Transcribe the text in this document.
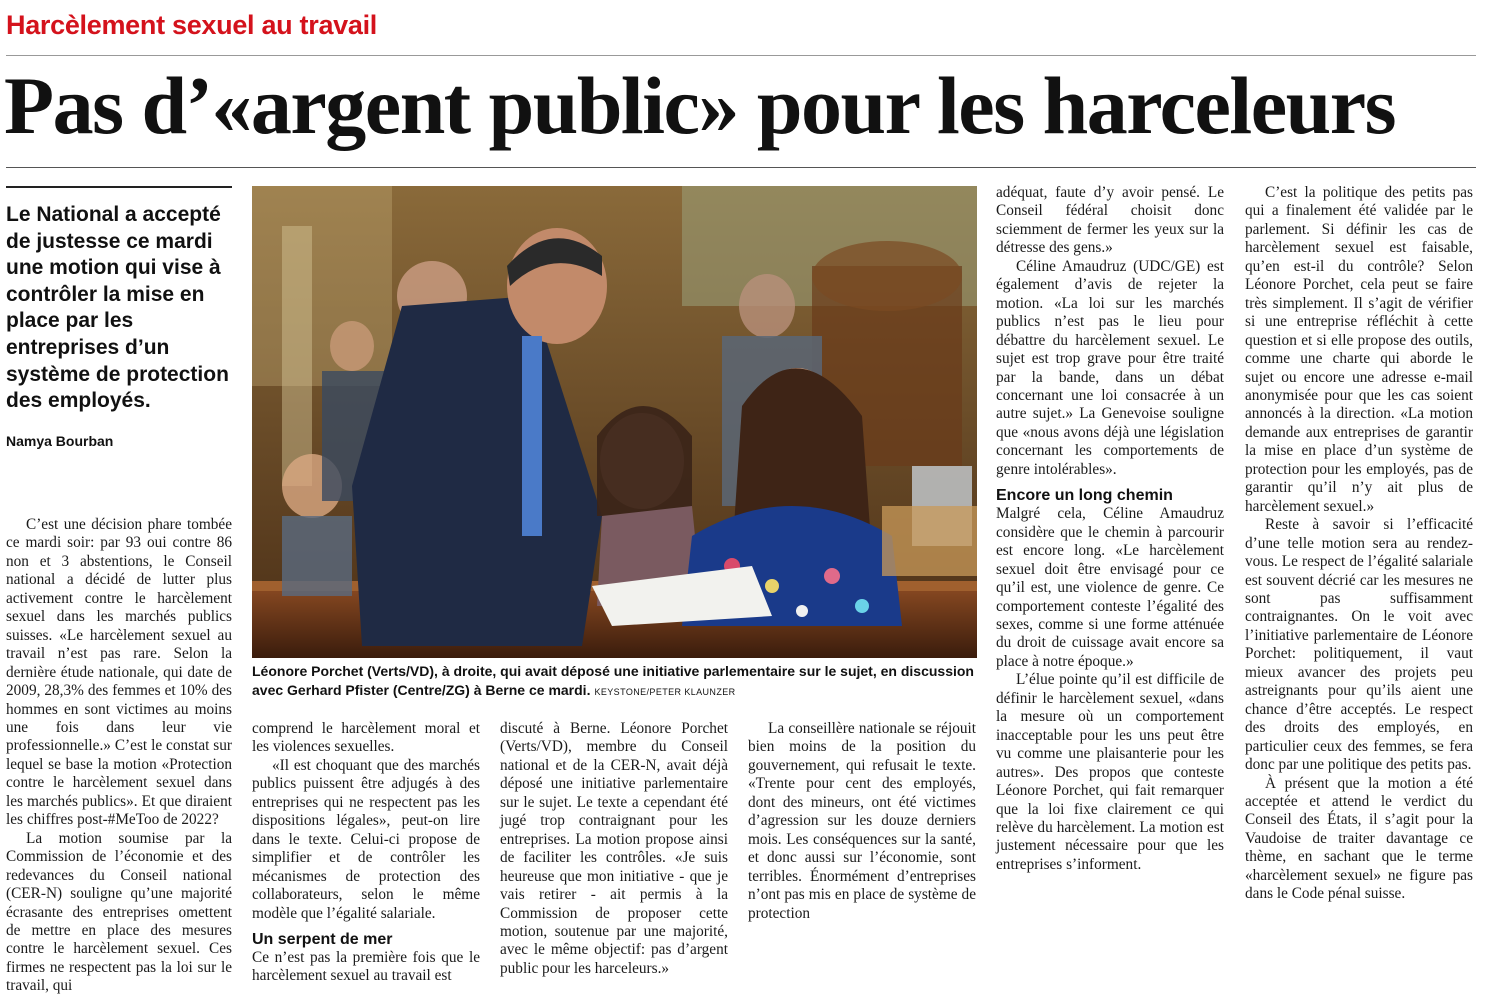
Harcèlement sexuel au travail
Pas d’«argent public» pour les harceleurs

Le National a accepté de justesse ce mardi une motion qui vise à contrôler la mise en place par les entreprises d’un système de protection des employés.

Namya Bourban

C’est une décision phare tombée ce mardi soir: par 93 oui contre 86 non et 3 abstentions, le Conseil national a décidé de lutter plus activement contre le harcèlement sexuel dans les marchés publics suisses. «Le harcèlement sexuel au travail n’est pas rare. Selon la dernière étude nationale, qui date de 2009, 28,3% des femmes et 10% des hommes en sont victimes au moins une fois dans leur vie professionnelle.» C’est le constat sur lequel se base la motion «Protection contre le harcèlement sexuel dans les marchés publics». Et que diraient les chiffres post-#MeToo de 2022?

La motion soumise par la Commission de l’économie et des redevances du Conseil national (CER-N) souligne qu’une majorité écrasante des entreprises omettent de mettre en place des mesures contre le harcèlement sexuel. Ces firmes ne respectent pas la loi sur le travail, qui

Léonore Porchet (Verts/VD), à droite, qui avait déposé une initiative parlementaire sur le sujet, en discussion avec Gerhard Pfister (Centre/ZG) à Berne ce mardi. KEYSTONE/PETER KLAUNZER

comprend le harcèlement moral et les violences sexuelles.

«Il est choquant que des marchés publics puissent être adjugés à des entreprises qui ne respectent pas les dispositions légales», peut-on lire dans le texte. Celui-ci propose de simplifier et de contrôler les mécanismes de protection des collaborateurs, selon le même modèle que l’égalité salariale.

Un serpent de mer

Ce n’est pas la première fois que le harcèlement sexuel au travail est

discuté à Berne. Léonore Porchet (Verts/VD), membre du Conseil national et de la CER-N, avait déjà déposé une initiative parlementaire sur le sujet. Le texte a cependant été jugé trop contraignant pour les entreprises. La motion propose ainsi de faciliter les contrôles. «Je suis heureuse que mon initiative - que je vais retirer - ait permis à la Commission de proposer cette motion, soutenue par une majorité, avec le même objectif: pas d’argent public pour les harceleurs.»

La conseillère nationale se réjouit bien moins de la position du gouvernement, qui refusait le texte. «Trente pour cent des employés, dont des mineurs, ont été victimes d’agression sur les douze derniers mois. Les conséquences sur la santé, et donc aussi sur l’économie, sont terribles. Énormément d’entreprises n’ont pas mis en place de système de protection

adéquat, faute d’y avoir pensé. Le Conseil fédéral choisit donc sciemment de fermer les yeux sur la détresse des gens.»

Céline Amaudruz (UDC/GE) est également d’avis de rejeter la motion. «La loi sur les marchés publics n’est pas le lieu pour débattre du harcèlement sexuel. Le sujet est trop grave pour être traité par la bande, dans un débat concernant une loi consacrée à un autre sujet.» La Genevoise souligne que «nous avons déjà une législation concernant les comportements de genre intolérables».

Encore un long chemin

Malgré cela, Céline Amaudruz considère que le chemin à parcourir est encore long. «Le harcèlement sexuel doit être envisagé pour ce qu’il est, une violence de genre. Ce comportement conteste l’égalité des sexes, comme si une forme atténuée du droit de cuissage avait encore sa place à notre époque.»

L’élue pointe qu’il est difficile de définir le harcèlement sexuel, «dans la mesure où un comportement inacceptable pour les uns peut être vu comme une plaisanterie pour les autres». Des propos que conteste Léonore Porchet, qui fait remarquer que la loi fixe clairement ce qui relève du harcèlement. La motion est justement nécessaire pour que les entreprises s’informent.

C’est la politique des petits pas qui a finalement été validée par le parlement. Si définir les cas de harcèlement sexuel est faisable, qu’en est-il du contrôle? Selon Léonore Porchet, cela peut se faire très simplement. Il s’agit de vérifier si une entreprise réfléchit à cette question et si elle propose des outils, comme une charte qui aborde le sujet ou encore une adresse e-mail anonymisée pour que les cas soient annoncés à la direction. «La motion demande aux entreprises de garantir la mise en place d’un système de protection pour les employés, pas de garantir qu’il n’y ait plus de harcèlement sexuel.»

Reste à savoir si l’efficacité d’une telle motion sera au rendez-vous. Le respect de l’égalité salariale est souvent décrié car les mesures ne sont pas suffisamment contraignantes. On le voit avec l’initiative parlementaire de Léonore Porchet: politiquement, il vaut mieux avancer des projets peu astreignants pour qu’ils aient une chance d’être acceptés. Le respect des droits des employés, en particulier ceux des femmes, se fera donc par une politique des petits pas.

À présent que la motion a été acceptée et attend le verdict du Conseil des États, il s’agit pour la Vaudoise de traiter davantage ce thème, en sachant que le terme «harcèlement sexuel» ne figure pas dans le Code pénal suisse.
